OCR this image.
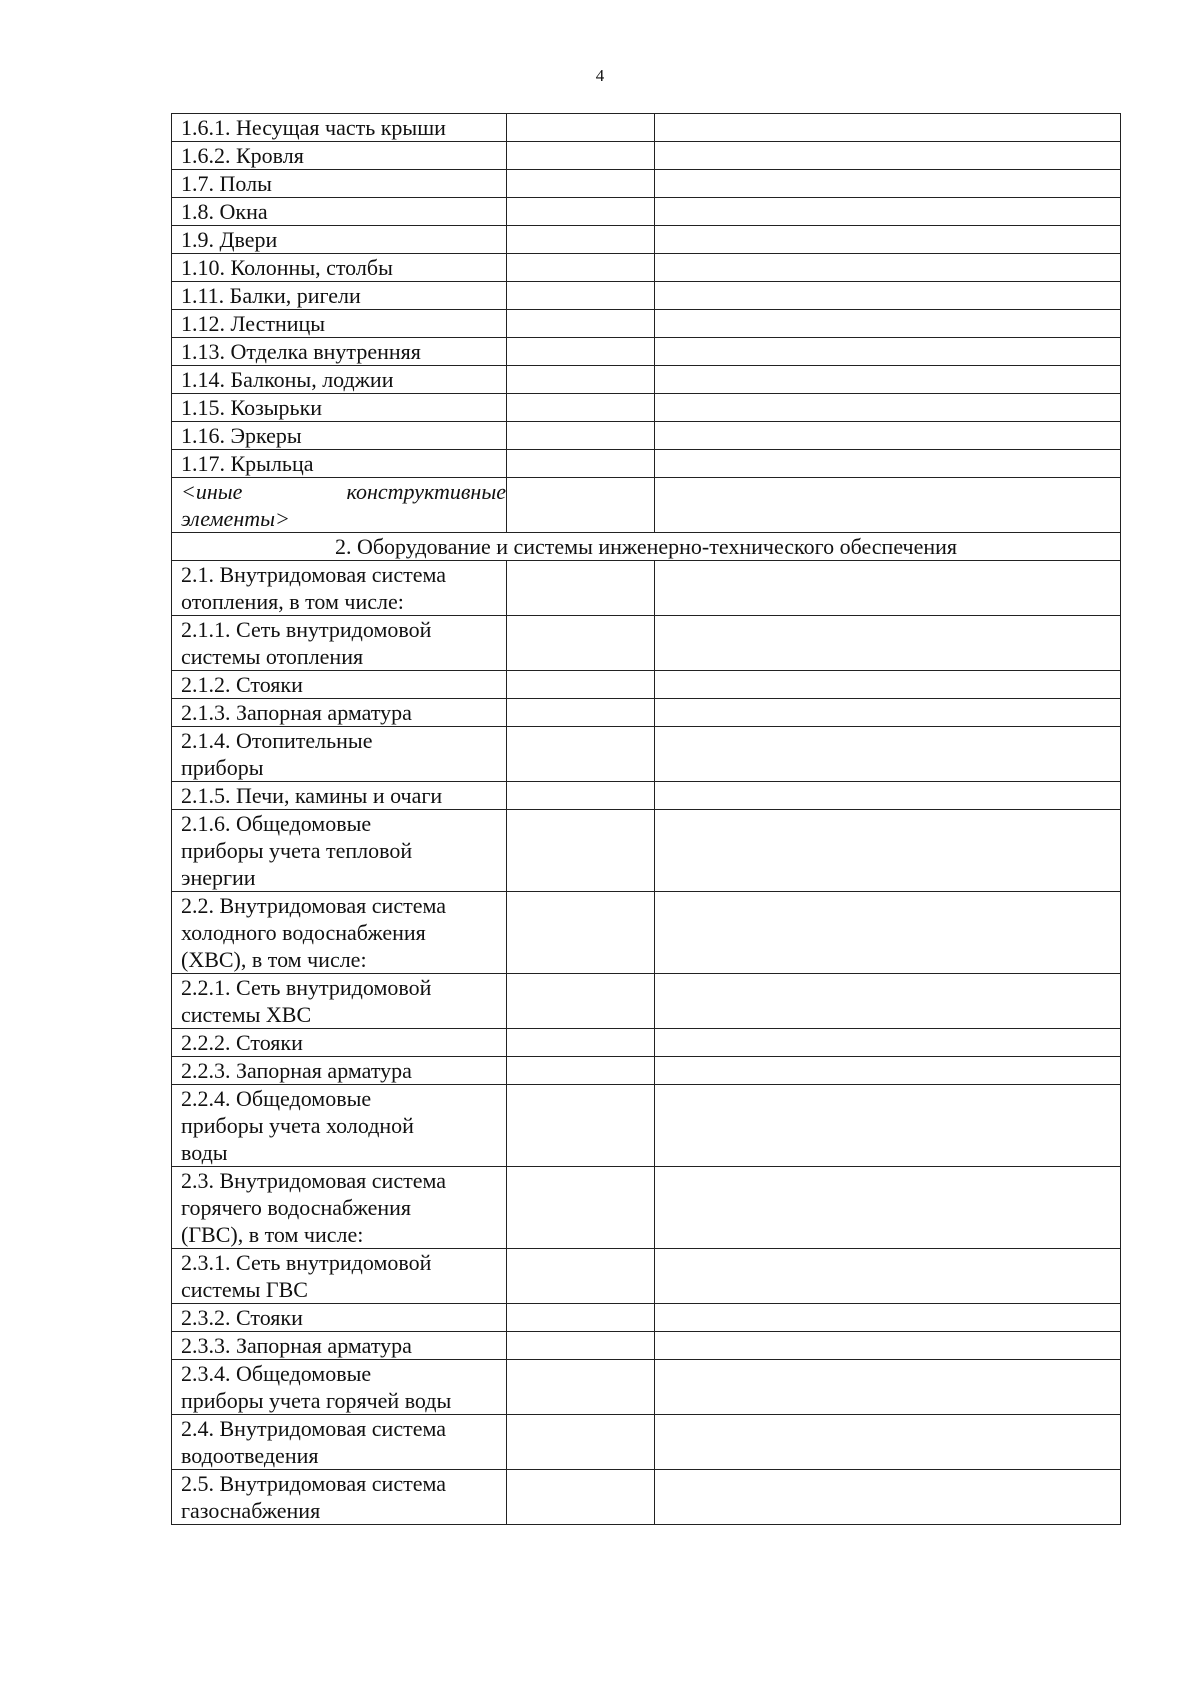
4
1.6.1. Несущая часть крыши		
1.6.2. Кровля		
1.7. Полы		
1.8. Окна		
1.9. Двери		
1.10. Колонны, столбы		
1.11. Балки, ригели		
1.12. Лестницы		
1.13. Отделка внутренняя		
1.14. Балконы, лоджии		
1.15. Козырьки		
1.16. Эркеры		
1.17. Крыльца		
<иные конструктивные

элементы>		

2. Оборудование и системы инженерно-технического обеспечения		
2.1. Внутридомовая система
отопления, в том числе:		
2.1.1. Сеть внутридомовой
системы отопления		
2.1.2. Стояки		
2.1.3. Запорная арматура		
2.1.4. Отопительные
приборы		
2.1.5. Печи, камины и очаги		
2.1.6. Общедомовые
приборы учета тепловой
энергии		
2.2. Внутридомовая система
холодного водоснабжения
(ХВС), в том числе:		
2.2.1. Сеть внутридомовой
системы ХВС		
2.2.2. Стояки		
2.2.3. Запорная арматура		
2.2.4. Общедомовые
приборы учета холодной
воды		
2.3. Внутридомовая система
горячего водоснабжения
(ГВС), в том числе:		
2.3.1. Сеть внутридомовой
системы ГВС		
2.3.2. Стояки		
2.3.3. Запорная арматура		
2.3.4. Общедомовые
приборы учета горячей воды		
2.4. Внутридомовая система
водоотведения		
2.5. Внутридомовая система
газоснабжения		
